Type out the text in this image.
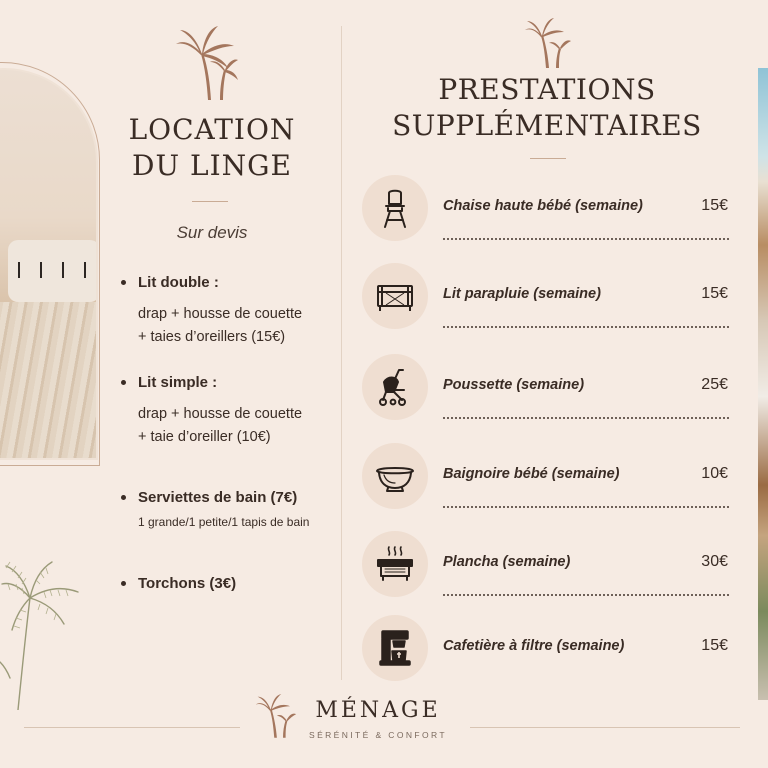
LOCATION
DU LINGE
Sur devis
Lit double :
drap + housse de couette
+ taies d’oreillers (15€)
Lit simple :
drap + housse de couette
+ taie d’oreiller (10€)
Serviettes de bain (7€)
1 grande/1 petite/1 tapis de bain
Torchons (3€)
PRESTATIONS
SUPPLÉMENTAIRES
Chaise haute bébé (semaine)	15€
Lit parapluie (semaine)	15€
Poussette (semaine)	25€
Baignoire bébé (semaine)	10€
Plancha (semaine)	30€
Cafetière à filtre (semaine)	15€
MÉNAGE
SÉRÉNITÉ & CONFORT
